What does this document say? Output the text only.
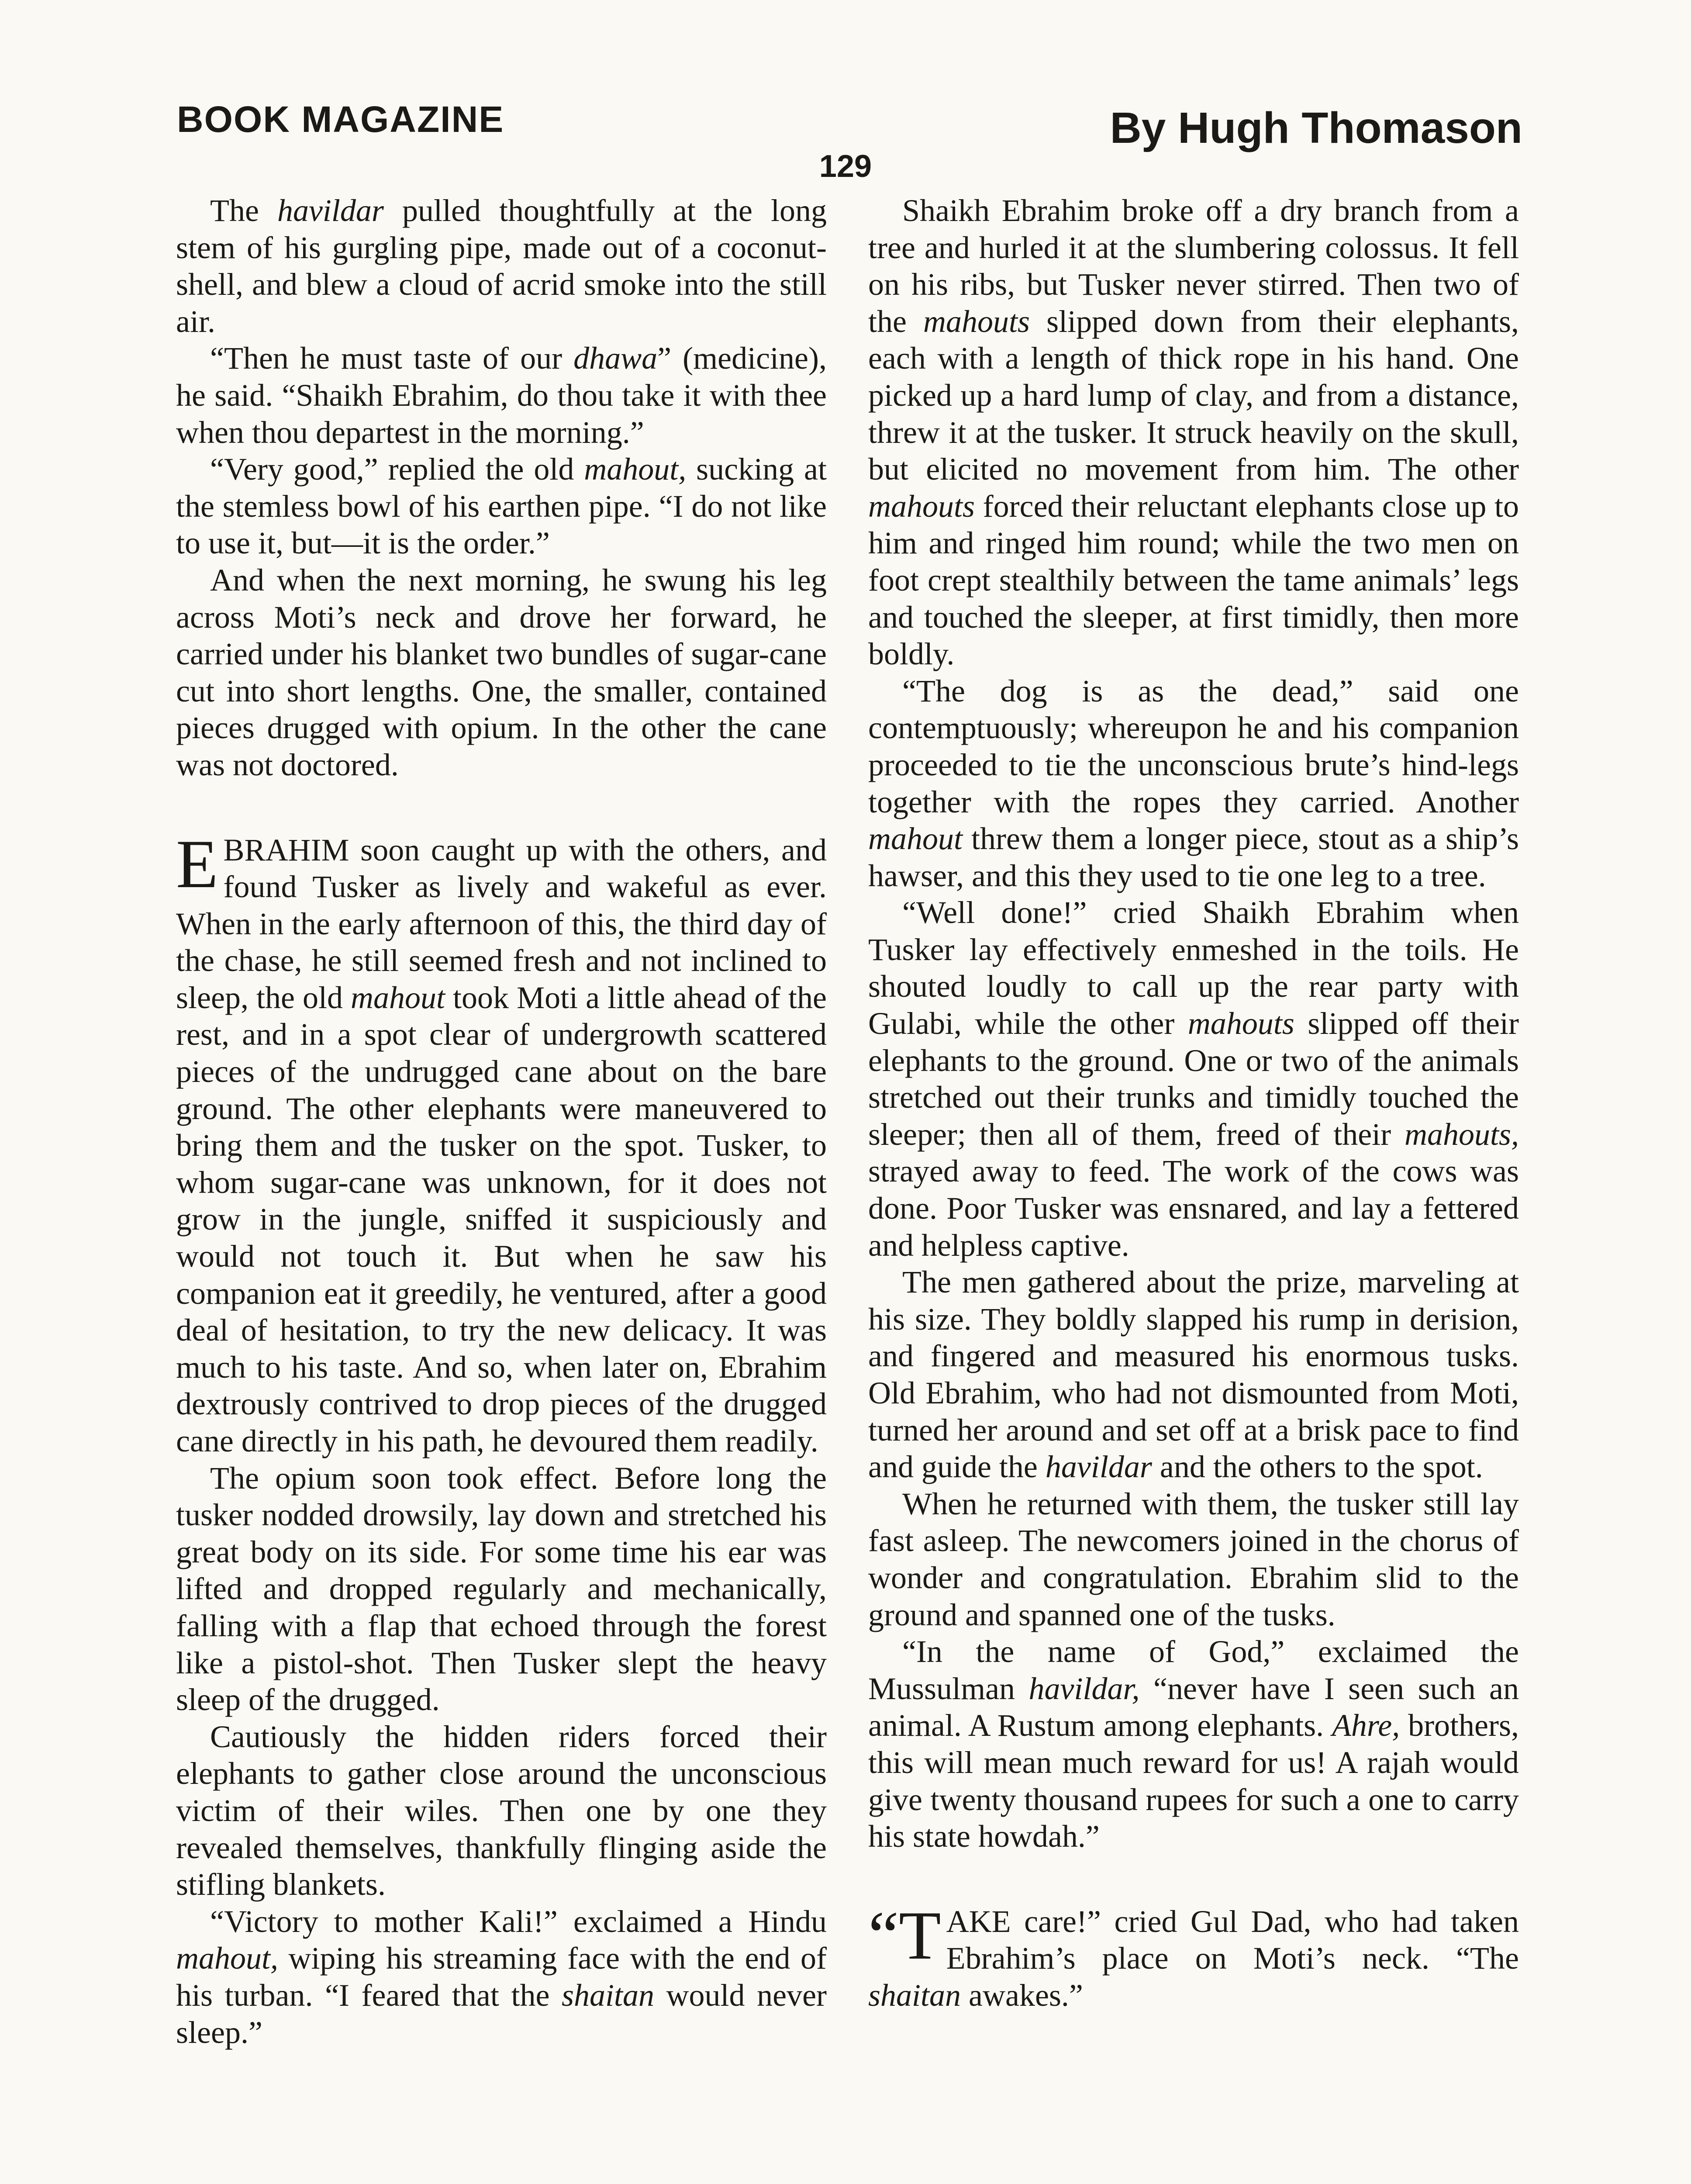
BOOK MAGAZINE	By Hugh Thomason
129

The havildar pulled thoughtfully at the long stem of his gurgling pipe, made out of a coconut-shell, and blew a cloud of acrid smoke into the still air.

“Then he must taste of our dhawa” (medicine), he said. “Shaikh Ebrahim, do thou take it with thee when thou departest in the morning.”

“Very good,” replied the old mahout, sucking at the stemless bowl of his earthen pipe. “I do not like to use it, but—it is the order.”

And when the next morning, he swung his leg across Moti’s neck and drove her forward, he carried under his blanket two bundles of sugar-cane cut into short lengths. One, the smaller, contained pieces drugged with opium. In the other the cane was not doctored.

EBRAHIM soon caught up with the others, and found Tusker as lively and wakeful as ever. When in the early afternoon of this, the third day of the chase, he still seemed fresh and not inclined to sleep, the old mahout took Moti a little ahead of the rest, and in a spot clear of undergrowth scattered pieces of the undrugged cane about on the bare ground. The other elephants were maneuvered to bring them and the tusker on the spot. Tusker, to whom sugar-cane was unknown, for it does not grow in the jungle, sniffed it suspiciously and would not touch it. But when he saw his companion eat it greedily, he ventured, after a good deal of hesitation, to try the new delicacy. It was much to his taste. And so, when later on, Ebrahim dextrously contrived to drop pieces of the drugged cane directly in his path, he devoured them readily.

The opium soon took effect. Before long the tusker nodded drowsily, lay down and stretched his great body on its side. For some time his ear was lifted and dropped regularly and mechanically, falling with a flap that echoed through the forest like a pistol-shot. Then Tusker slept the heavy sleep of the drugged.

Cautiously the hidden riders forced their elephants to gather close around the unconscious victim of their wiles. Then one by one they revealed themselves, thankfully flinging aside the stifling blankets.

“Victory to mother Kali!” exclaimed a Hindu mahout, wiping his streaming face with the end of his turban. “I feared that the shaitan would never sleep.”

Shaikh Ebrahim broke off a dry branch from a tree and hurled it at the slumbering colossus. It fell on his ribs, but Tusker never stirred. Then two of the mahouts slipped down from their elephants, each with a length of thick rope in his hand. One picked up a hard lump of clay, and from a distance, threw it at the tusker. It struck heavily on the skull, but elicited no movement from him. The other mahouts forced their reluctant elephants close up to him and ringed him round; while the two men on foot crept stealthily between the tame animals’ legs and touched the sleeper, at first timidly, then more boldly.

“The dog is as the dead,” said one contemptuously; whereupon he and his companion proceeded to tie the unconscious brute’s hind-legs together with the ropes they carried. Another mahout threw them a longer piece, stout as a ship’s hawser, and this they used to tie one leg to a tree.

“Well done!” cried Shaikh Ebrahim when Tusker lay effectively enmeshed in the toils. He shouted loudly to call up the rear party with Gulabi, while the other mahouts slipped off their elephants to the ground. One or two of the animals stretched out their trunks and timidly touched the sleeper; then all of them, freed of their mahouts, strayed away to feed. The work of the cows was done. Poor Tusker was ensnared, and lay a fettered and helpless captive.

The men gathered about the prize, marveling at his size. They boldly slapped his rump in derision, and fingered and measured his enormous tusks. Old Ebrahim, who had not dismounted from Moti, turned her around and set off at a brisk pace to find and guide the havildar and the others to the spot.

When he returned with them, the tusker still lay fast asleep. The newcomers joined in the chorus of wonder and congratulation. Ebrahim slid to the ground and spanned one of the tusks.

“In the name of God,” exclaimed the Mussulman havildar, “never have I seen such an animal. A Rustum among elephants. Ahre, brothers, this will mean much reward for us! A rajah would give twenty thousand rupees for such a one to carry his state howdah.”

“TAKE care!” cried Gul Dad, who had taken Ebrahim’s place on Moti’s neck. “The shaitan awakes.”
